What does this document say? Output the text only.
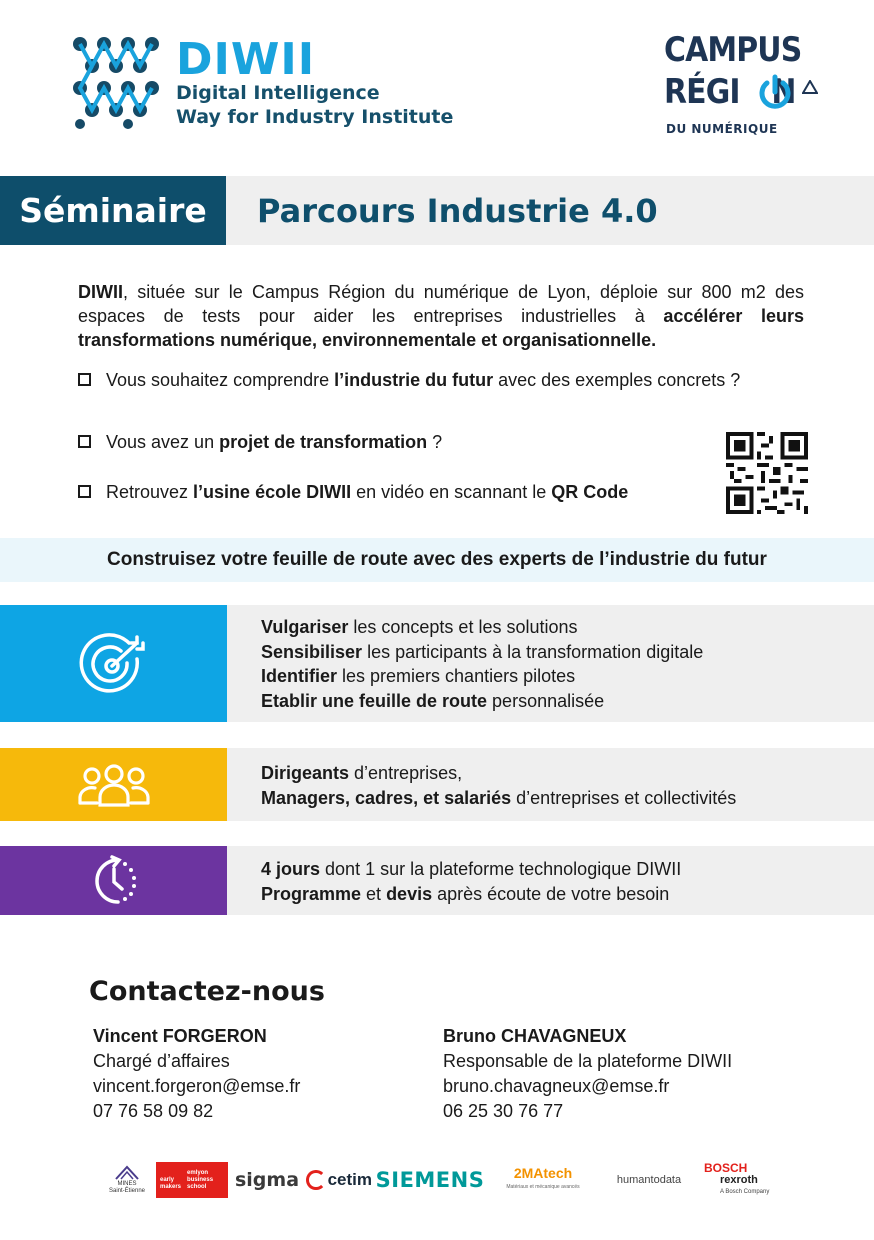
DIWII
Digital Intelligence
Way for Industry Institute
CAMPUS
RÉGI N
DU NUMÉRIQUE
Séminaire	Parcours Industrie 4.0

DIWII, située sur le Campus Région du numérique de Lyon, déploie sur 800 m2 des espaces de tests pour aider les entreprises industrielles à accélérer leurs transformations numérique, environnementale et organisationnelle.

Vous souhaitez comprendre l’industrie du futur avec des exemples concrets ?
Vous avez un projet de transformation ?
Retrouvez l’usine école DIWII en vidéo en scannant le QR Code
Construisez votre feuille de route avec des experts de l’industrie du futur
Vulgariser les concepts et les solutions
Sensibiliser les participants à la transformation digitale
Identifier les premiers chantiers pilotes
Etablir une feuille de route personnalisée
Dirigeants d’entreprises,
Managers, cadres, et salariés d’entreprises et collectivités
4 jours dont 1 sur la plateforme technologique DIWII
Programme et devis après écoute de votre besoin
Contactez-nous
Vincent FORGERON
Chargé d’affaires
vincent.forgeron@emse.fr
07 76 58 09 82
Bruno CHAVAGNEUX
Responsable de la plateforme DIWII
bruno.chavagneux@emse.fr
06 25 30 76 77
MINES
Saint-Étienne
early
makers
emlyon
business
school	sigma cetim SIEMENS 2MAtech
Matériaux et mécanique avancés
humantodata
BOSCH
rexroth
A Bosch Company
